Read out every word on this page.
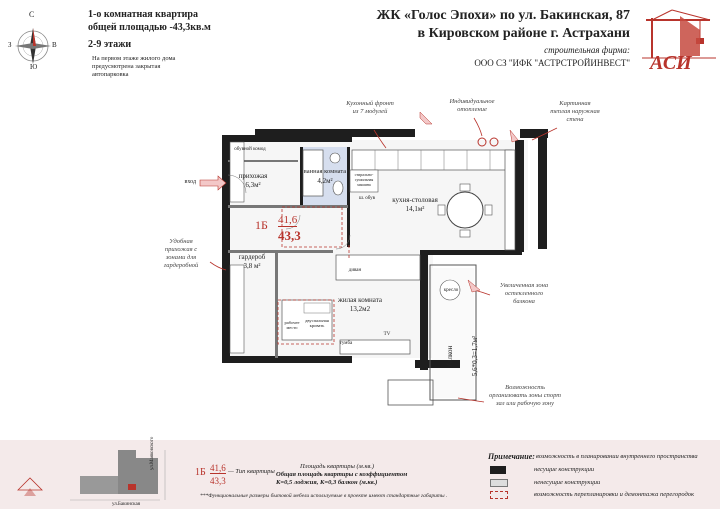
С
Ю
З	В
1-о комнатная квартира
общей площадью -43,3кв.м
2-9 этажи
На первом этаже жилого дома
предусмотрена закрытая
автопарковка
ЖК «Голос Эпохи» по ул. Бакинская, 87
в Кировском районе г. Астрахани
строительная фирма:
ООО СЗ "ИФК "АСТРСТРОЙИНВЕСТ" АСИ
Кухонный фронт
из 7 модулей
Индивидуальное
отопление
Картинная
теплая наружная
стена
Удобная
прихожая с
зонами для
гардеробной
Увеличенная зона
остекленного
балкона
Возможность
организовать зоны спорт
зал или рабочую зону
обувной комод
прихожая
6,3м²
ванная комната
4,2м²
стирально-сушильная машина
ш. обув	кухня-столовая
14,1м²
гардероб
3,8 м²
диван
жилая комната
13,2м2
рабочее место
двуспальная кровать
тумба
TV
кресло
вход
балкон 5,6*0,3=1,7м²
1Б 41,6
43,3
ул.Бакинская
ул.Маяковского
1Б 41,6
43,3
— Тип квартиры
Площадь квартиры (м.кв.)
Общая площадь квартиры с коэффициентом
К=0,5 лоджия, К=0,3 балкон (м.кв.)
***Функциональные размеры бытовой мебели используемые в проекте имеют стандартные габариты .
Примечание: возможность в планировании внутреннего пространства
несущие конструкции
ненесущие конструкции
возможность перепланировки и демонтажа перегородок
